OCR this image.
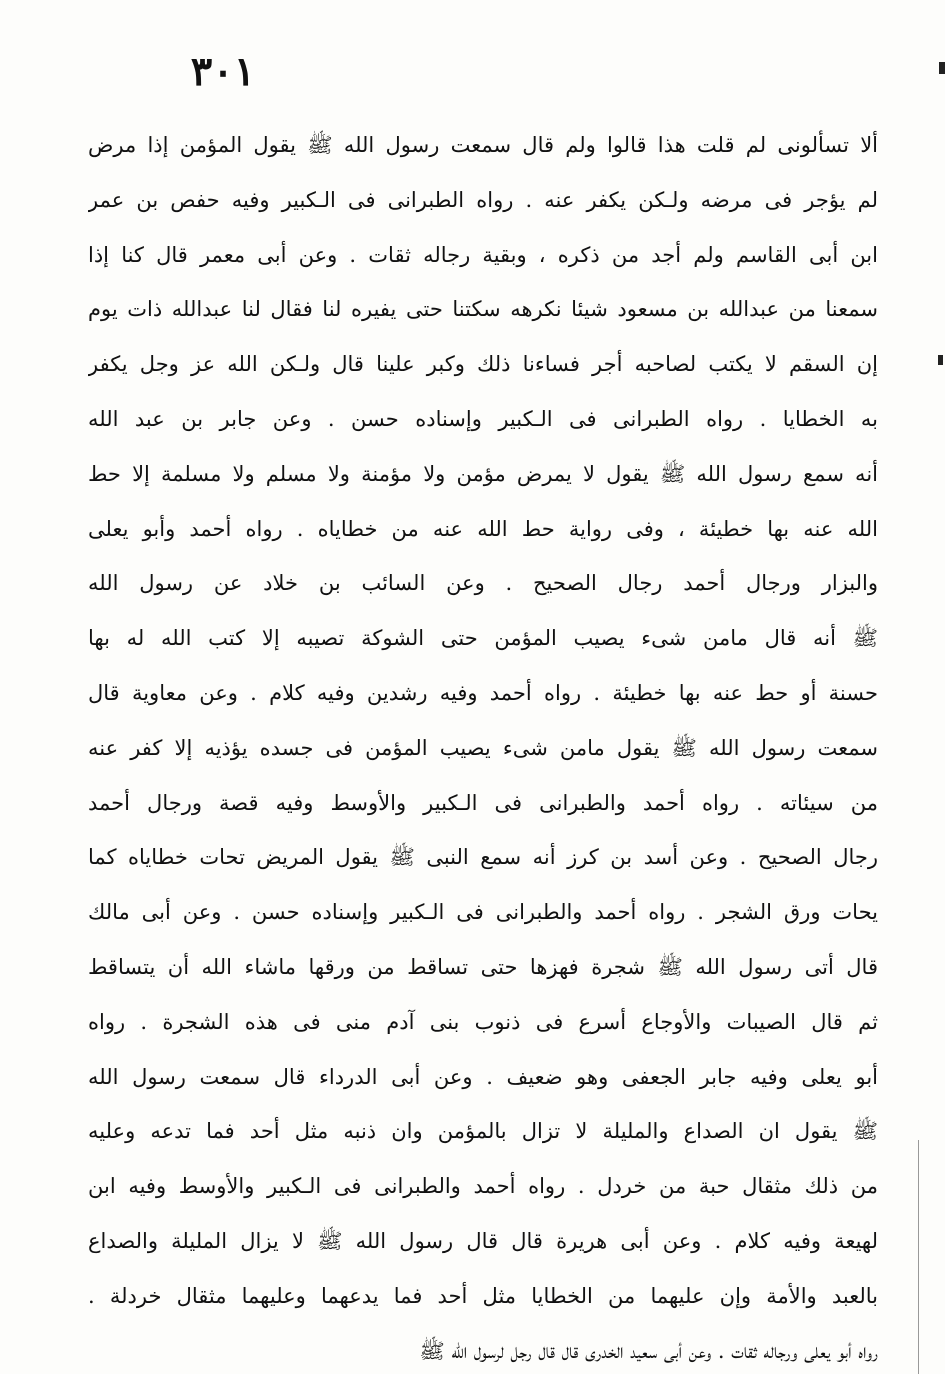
٣٠١
ألا تسألونى لم قلت هذا قالوا ولم قال سمعت رسول الله ﷺ يقول المؤمن إذا مرض
لم يؤجر فى مرضه ولـكن يكفر عنه . رواه الطبرانى فى الـكبير وفيه حفص بن عمر
ابن أبى القاسم ولم أجد من ذكره ، وبقية رجاله ثقات . وعن أبى معمر قال كنا إذا
سمعنا من عبدالله بن مسعود شيئا نكرهه سكتنا حتى يفيره لنا فقال لنا عبدالله ذات يوم
إن السقم لا يكتب لصاحبه أجر فساءنا ذلك وكبر علينا قال ولـكن الله عز وجل يكفر
به الخطايا . رواه الطبرانى فى الـكبير وإسناده حسن . وعن جابر بن عبد الله
أنه سمع رسول الله ﷺ يقول لا يمرض مؤمن ولا مؤمنة ولا مسلم ولا مسلمة إلا حط
الله عنه بها خطيئة ، وفى رواية حط الله عنه من خطاياه . رواه أحمد وأبو يعلى
والبزار ورجال أحمد رجال الصحيح . وعن السائب بن خلاد عن رسول الله
ﷺ أنه قال مامن شىء يصيب المؤمن حتى الشوكة تصيبه إلا كتب الله له بها
حسنة أو حط عنه بها خطيئة . رواه أحمد وفيه رشدين وفيه كلام . وعن معاوية قال
سمعت رسول الله ﷺ يقول مامن شىء يصيب المؤمن فى جسده يؤذيه إلا كفر عنه
من سيئاته . رواه أحمد والطبرانى فى الـكبير والأوسط وفيه قصة ورجال أحمد
رجال الصحيح . وعن أسد بن كرز أنه سمع النبى ﷺ يقول المريض تحات خطاياه كما
يحات ورق الشجر . رواه أحمد والطبرانى فى الـكبير وإسناده حسن . وعن أبى مالك
قال أتى رسول الله ﷺ شجرة فهزها حتى تساقط من ورقها ماشاء الله أن يتساقط
ثم قال الصيبات والأوجاع أسرع فى ذنوب بنى آدم منى فى هذه الشجرة . رواه
أبو يعلى وفيه جابر الجعفى وهو ضعيف . وعن أبى الدرداء قال سمعت رسول الله
ﷺ يقول ان الصداع والمليلة لا تزال بالمؤمن وان ذنبه مثل أحد فما تدعه وعليه
من ذلك مثقال حبة من خردل . رواه أحمد والطبرانى فى الـكبير والأوسط وفيه ابن
لهيعة وفيه كلام . وعن أبى هريرة قال قال رسول الله ﷺ لا يزال المليلة والصداع
بالعبد والأمة وإن عليهما من الخطايا مثل أحد فما يدعهما وعليهما مثقال خردلة .
رواه أبو يعلى ورجاله ثقات . وعن أبى سعيد الخدرى قال قال رجل لرسول الله ﷺ
